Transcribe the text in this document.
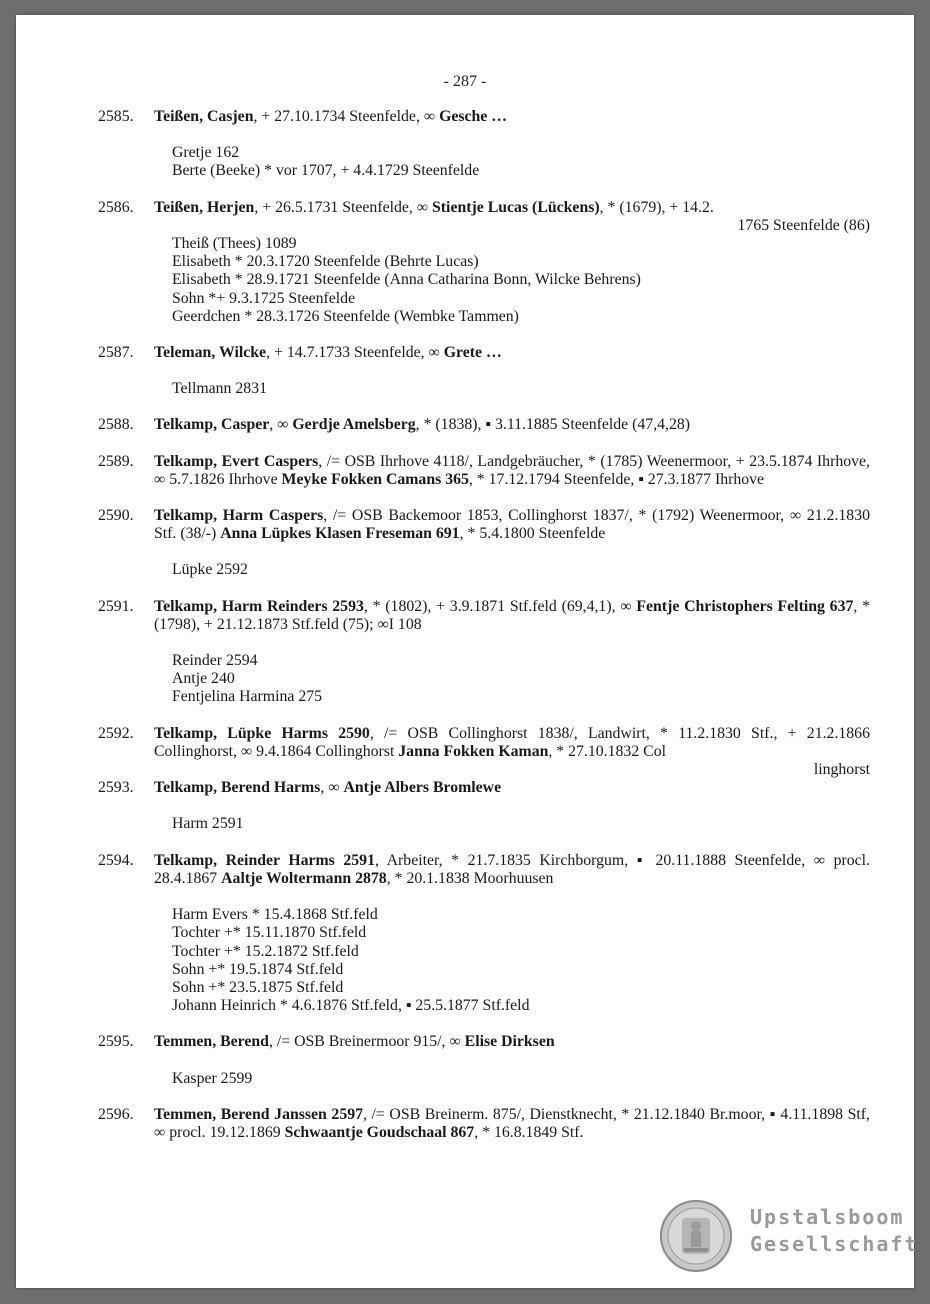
- 287 -
2585.	Teißen, Casjen, + 27.10.1734 Steenfelde, ∞ Gesche …
Gretje 162
Berte (Beeke) * vor 1707, + 4.4.1729 Steenfelde
2586.	Teißen, Herjen, + 26.5.1731 Steenfelde, ∞ Stientje Lucas (Lückens), * (1679), + 14.2.
1765 Steenfelde (86)
Theiß (Thees) 1089
Elisabeth * 20.3.1720 Steenfelde (Behrte Lucas)
Elisabeth * 28.9.1721 Steenfelde (Anna Catharina Bonn, Wilcke Behrens)
Sohn *+ 9.3.1725 Steenfelde
Geerdchen * 28.3.1726 Steenfelde (Wembke Tammen)
2587.	Teleman, Wilcke, + 14.7.1733 Steenfelde, ∞ Grete …
Tellmann 2831
2588.	Telkamp, Casper, ∞ Gerdje Amelsberg, * (1838), ▪ 3.11.1885 Steenfelde (47,4,28)
2589.	Telkamp, Evert Caspers, /= OSB Ihrhove 4118/, Landgebräucher, * (1785) Weenermoor, + 23.5.1874 Ihrhove, ∞ 5.7.1826 Ihrhove Meyke Fokken Camans 365, * 17.12.1794 Steenfelde, ▪ 27.3.1877 Ihrhove
2590.	Telkamp, Harm Caspers, /= OSB Backemoor 1853, Collinghorst 1837/, * (1792) Weenermoor, ∞ 21.2.1830 Stf. (38/-) Anna Lüpkes Klasen Freseman 691, * 5.4.1800 Steenfelde
Lüpke 2592
2591.	Telkamp, Harm Reinders 2593, * (1802), + 3.9.1871 Stf.feld (69,4,1), ∞ Fentje Christophers Felting 637, * (1798), + 21.12.1873 Stf.feld (75); ∞I 108
Reinder 2594
Antje 240
Fentjelina Harmina 275
2592.	Telkamp, Lüpke Harms 2590, /= OSB Collinghorst 1838/, Landwirt, * 11.2.1830 Stf., + 21.2.1866 Collinghorst, ∞ 9.4.1864 Collinghorst Janna Fokken Kaman, * 27.10.1832 Col
linghorst
2593.	Telkamp, Berend Harms, ∞ Antje Albers Bromlewe
Harm 2591
2594.	Telkamp, Reinder Harms 2591, Arbeiter, * 21.7.1835 Kirchborgum, ▪ 20.11.1888 Steenfelde, ∞ procl. 28.4.1867 Aaltje Woltermann 2878, * 20.1.1838 Moorhuusen
Harm Evers * 15.4.1868 Stf.feld
Tochter +* 15.11.1870 Stf.feld
Tochter +* 15.2.1872 Stf.feld
Sohn +* 19.5.1874 Stf.feld
Sohn +* 23.5.1875 Stf.feld
Johann Heinrich * 4.6.1876 Stf.feld, ▪ 25.5.1877 Stf.feld
2595.	Temmen, Berend, /= OSB Breinermoor 915/, ∞ Elise Dirksen
Kasper 2599
2596.	Temmen, Berend Janssen 2597, /= OSB Breinerm. 875/, Dienstknecht, * 21.12.1840 Br.moor, ▪ 4.11.1898 Stf, ∞ procl. 19.12.1869 Schwaantje Goudschaal 867, * 16.8.1849 Stf.
Upstalsboom
Gesellschaft
